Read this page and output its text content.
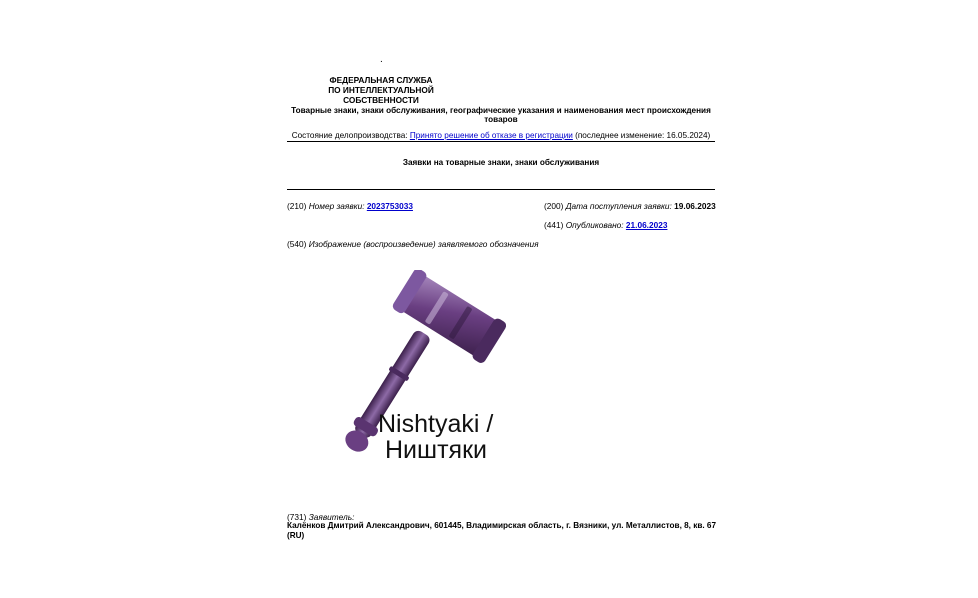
.
ФЕДЕРАЛЬНАЯ СЛУЖБА
ПО ИНТЕЛЛЕКТУАЛЬНОЙ СОБСТВЕННОСТИ
Товарные знаки, знаки обслуживания, географические указания и наименования мест происхождения товаров
Состояние делопроизводства: Принято решение об отказе в регистрации (последнее изменение: 16.05.2024)
Заявки на товарные знаки, знаки обслуживания
(210) Номер заявки: 2023753033	(200) Дата поступления заявки: 19.06.2023
(441) Опубликовано: 21.06.2023
(540) Изображение (воспроизведение) заявляемого обозначения
Nishtyaki /
Ништяки
(731) Заявитель:
Калёнков Дмитрий Александрович, 601445, Владимирская область, г. Вязники, ул. Металлистов, 8, кв. 67 (RU)
